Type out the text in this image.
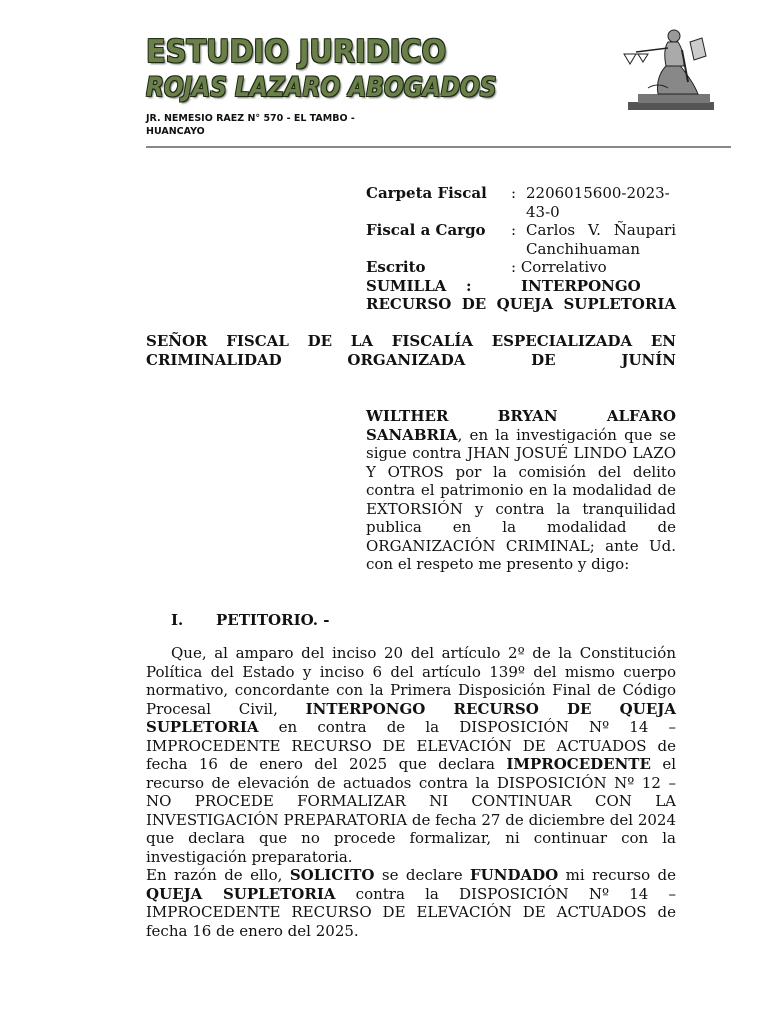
ESTUDIO JURIDICO
ROJAS LAZARO ABOGADOS
JR. NEMESIO RAEZ N° 570 - EL TAMBO - HUANCAYO
Carpeta Fiscal	: 2206015600-2023-43-0
Fiscal a Cargo	: Carlos V. Ñaupari Canchihuaman
Escrito	: Correlativo
SUMILLA	:	INTERPONGO RECURSO DE QUEJA SUPLETORIA
SEÑOR FISCAL DE LA FISCALÍA ESPECIALIZADA EN CRIMINALIDAD ORGANIZADA DE JUNÍN
WILTHER BRYAN ALFARO SANABRIA, en la investigación que se sigue contra JHAN JOSUÉ LINDO LAZO Y OTROS por la comisión del delito contra el patrimonio en la modalidad de EXTORSIÓN y contra la tranquilidad publica en la modalidad de ORGANIZACIÓN CRIMINAL; ante Ud. con el respeto me presento y digo:
I. PETITORIO. -
Que, al amparo del inciso 20 del artículo 2º de la Constitución Política del Estado y inciso 6 del artículo 139º del mismo cuerpo normativo, concordante con la Primera Disposición Final de Código Procesal Civil, INTERPONGO RECURSO DE QUEJA SUPLETORIA en contra de la DISPOSICIÓN Nº 14 – IMPROCEDENTE RECURSO DE ELEVACIÓN DE ACTUADOS de fecha 16 de enero del 2025 que declara IMPROCEDENTE el recurso de elevación de actuados contra la DISPOSICIÓN Nº 12 – NO PROCEDE FORMALIZAR NI CONTINUAR CON LA INVESTIGACIÓN PREPARATORIA de fecha 27 de diciembre del 2024 que declara que no procede formalizar, ni continuar con la investigación preparatoria.
En razón de ello, SOLICITO se declare FUNDADO mi recurso de QUEJA SUPLETORIA contra la DISPOSICIÓN Nº 14 – IMPROCEDENTE RECURSO DE ELEVACIÓN DE ACTUADOS de fecha 16 de enero del 2025.
